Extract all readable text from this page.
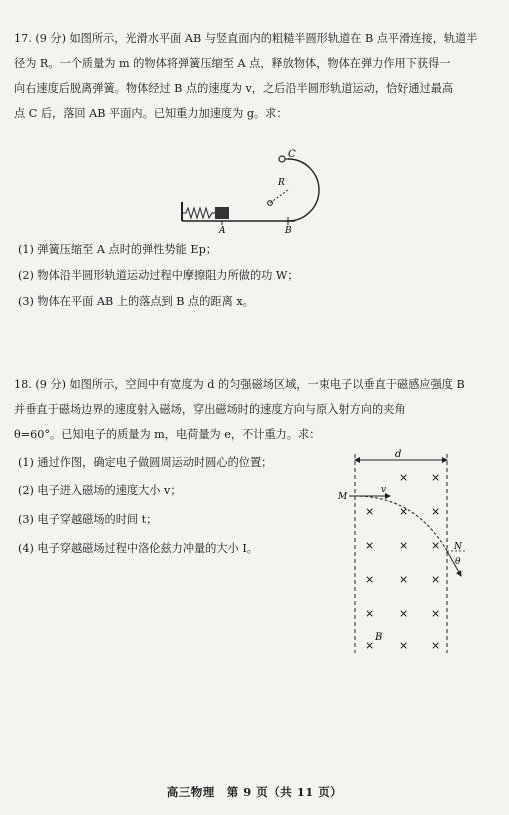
17. (9 分) 如图所示，光滑水平面 AB 与竖直面内的粗糙半圆形轨道在 B 点平滑连接，轨道半
径为 R。一个质量为 m 的物体将弹簧压缩至 A 点，释放物体，物体在弹力作用下获得一
向右速度后脱离弹簧。物体经过 B 点的速度为 v，之后沿半圆形轨道运动，恰好通过最高
点 C 后，落回 AB 平面内。已知重力加速度为 g。求：
C
R
A	B
(1) 弹簧压缩至 A 点时的弹性势能 Ep；
(2) 物体沿半圆形轨道运动过程中摩擦阻力所做的功 W；
(3) 物体在平面 AB 上的落点到 B 点的距离 x。
18. (9 分) 如图所示，空间中有宽度为 d 的匀强磁场区域，一束电子以垂直于磁感应强度 B
并垂直于磁场边界的速度射入磁场，穿出磁场时的速度方向与原入射方向的夹角
θ=60°。已知电子的质量为 m，电荷量为 e，不计重力。求：
(1) 通过作图，确定电子做圆周运动时圆心的位置；
(2) 电子进入磁场的速度大小 v；
(3) 电子穿越磁场的时间 t；
(4) 电子穿越磁场过程中洛伦兹力冲量的大小 I。
d
M
v
N
θ
B
× ×
× × ×
× × ×
× × ×
× × ×
× × ×
高三物理　第 9 页（共 11 页）
